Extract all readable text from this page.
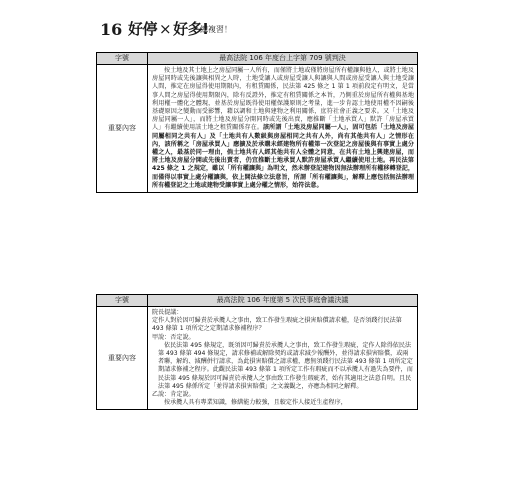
16 好停 × 好多!
總複習！
字號	最高法院 106 年度台上字第 709 號判決
重要內容

按土地及其土地上之房屋同屬一人所有，而僅將土地或僅將房屋所有權讓與他人，或將土地及房屋同時或先後讓與相異之人時，土地受讓人或房屋受讓人與讓與人間或房屋受讓人與土地受讓人間，推定在房屋得使用期限內，有租賃關係，民法第 425 條之 1 第 1 項前段定有明文，是當事人間之房屋得使用期限內，除有反證外，推定有租賃關係之本旨，乃側重於房屋所有權與基地利用權一體化之體現，並基於房屋既得使用權保護原則之考量，進一步肯認土地使用權不因嗣後基礎原因之變動而受影響，藉以調和土地與建物之利用關係，庶符社會正義之要求。又「土地及房屋同屬一人」，而將土地及房屋分開同時或先後出賣，應推斷「土地承買人」默許「房屋承買人」有繼續使用該土地之租賃關係存在。該所謂「土地及房屋同屬一人」，固可包括「土地及房屋同屬相同之共有人」及「土地共有人數級與房屋相同之共有人外，尚有其他共有人」之情形在內，該所稱之「房屋承買人」應擴及於承購未經建物所有權第一次登記之房屋後與有事實上處分權之人，最基於同一理由，倘土地共有人經其他共有人全體之同意，在共有土地上興建房屋，而將土地及房屋分開或先後出賣者，仍宜推斷土地承買人默許房屋承買人繼續使用土地。再民法第 425 條之 1 之規定，雖以「所有權讓與」為明文，然未辦登記建物因無法辦理所有權移轉登記，而僅得以事實上處分權讓與，依上開法條立法意旨，所謂「所有權讓與」，解釋上應包括無法辦理所有權登記之土地或建物受讓事實上處分權之情形，始符法意。

字號	最高法院 106 年度第 5 次民事庭會議決議
重要內容
院長提議：
定作人對於因可歸責於承攬人之事由，致工作發生瑕疵之損害賠償請求權，是否須踐行民法第 493 條第 1 項所定之定期請求修補程序？
甲說：否定說。
依民法第 495 條規定，既須因可歸責於承攬人之事由，致工作發生瑕疵，定作人除得依民法第 493 條第 494 條規定，請求修補或解除契約或請求減少報酬外，並得請求損害賠償，或兩者聯，解約、減酬併行請求，為此損害賠償之請求權，應無須踐行民法第 493 條第 1 項所定定期請求修補之程序。此觀民法第 493 條第 1 項所定工作有瑕疵而不以承攬人有過失為要件，而民法第 495 條規於因可歸責於承攬人之事由致工作發生瑕疵者，始有其適用之法意自明。且民法第 495 條係所定「並得請求損害賠償」之文義觀之，亦應為相同之解釋。
乙說：肯定說。
按承攬人具有專業知識，修繕能力較強，且較定作人接近生產程序，
